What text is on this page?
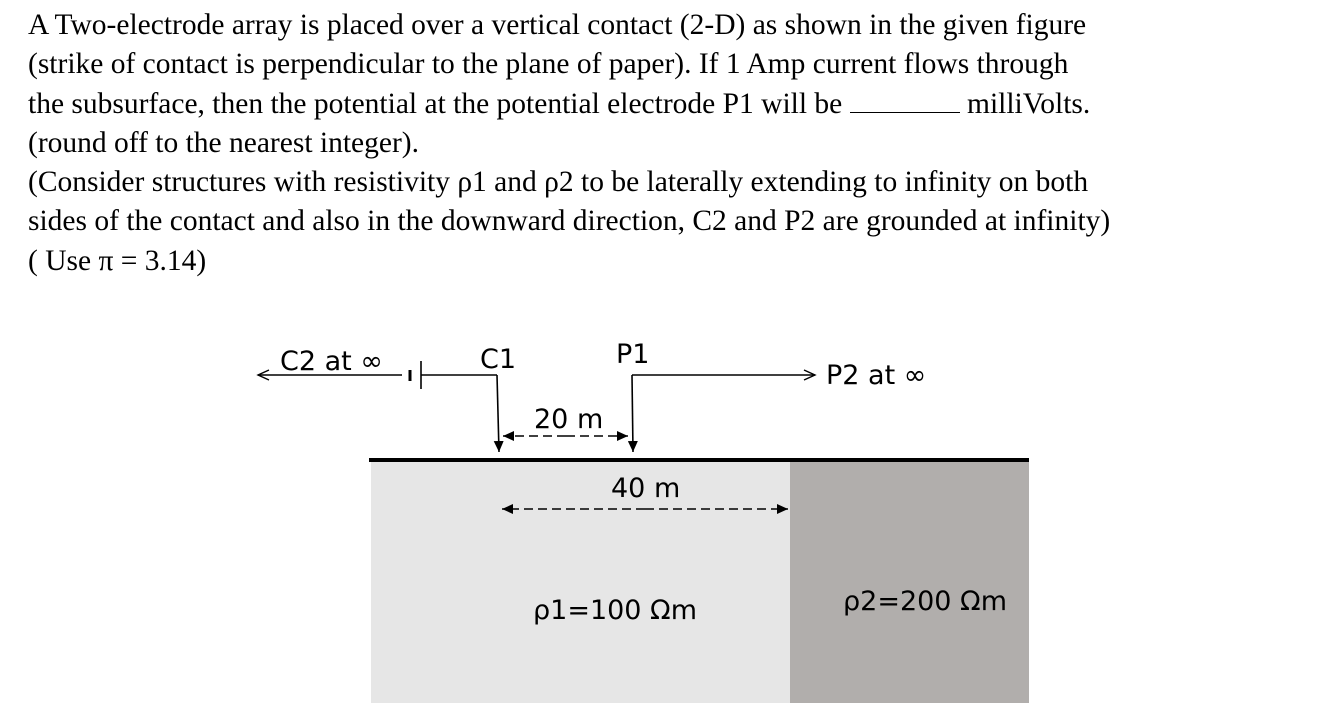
A Two-electrode array is placed over a vertical contact (2-D) as shown in the given figure
(strike of contact is perpendicular to the plane of paper). If 1 Amp current flows through
the subsurface, then the potential at the potential electrode P1 will be	milliVolts.
(round off to the nearest integer).
(Consider structures with resistivity ρ1 and ρ2 to be laterally extending to infinity on both
sides of the contact and also in the downward direction, C2 and P2 are grounded at infinity)
( Use π = 3.14)
C2 at ∞	C1	P1
P2 at ∞
20 m
40 m
ρ1=100 Ωm	ρ2=200 Ωm
